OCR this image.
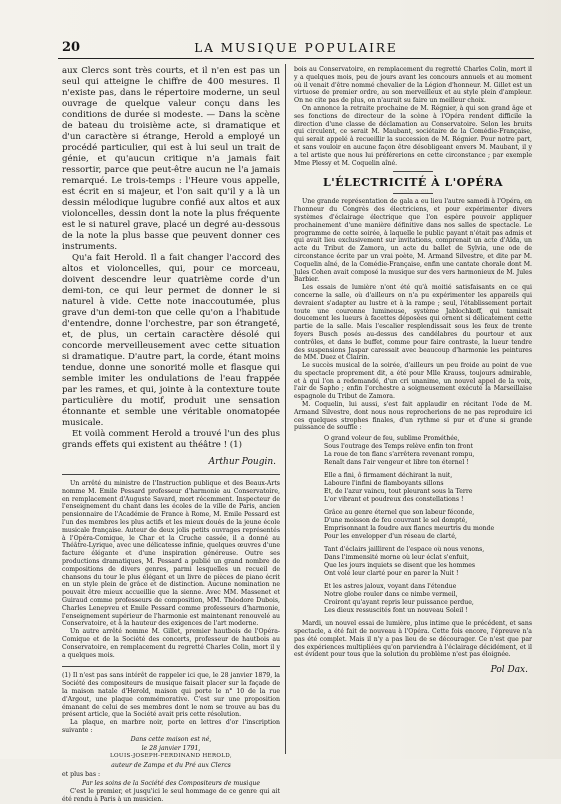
20	LA MUSIQUE POPULAIRE

aux Clercs sont très courts, et il n'en est pas un seul qui atteigne le chiffre de 400 mesures. Il n'existe pas, dans le répertoire moderne, un seul ouvrage de quelque valeur conçu dans les conditions de durée si modeste. — Dans la scène de bateau du troisième acte, si dramatique et d'un caractère si étrange, Herold a employé un procédé particulier, qui est à lui seul un trait de génie, et qu'aucun critique n'a jamais fait ressortir, parce que peut-être aucun ne l'a jamais remarqué. Le trois-temps : l'Heure vous appelle, est écrit en si majeur, et l'on sait qu'il y a là un dessin mélodique lugubre confié aux altos et aux violoncelles, dessin dont la note la plus fréquente est le si naturel grave, placé un degré au-dessous de la note la plus basse que peuvent donner ces instruments.

Qu'a fait Herold. Il a fait changer l'accord des altos et violoncelles, qui, pour ce morceau, doivent descendre leur quatrième corde d'un demi-ton, ce qui leur permet de donner le si naturel à vide. Cette note inaccoutumée, plus grave d'un demi-ton que celle qu'on a l'habitude d'entendre, donne l'orchestre, par son étrangeté, et, de plus, un certain caractère désolé qui concorde merveilleusement avec cette situation si dramatique. D'autre part, la corde, étant moins tendue, donne une sonorité molle et flasque qui semble imiter les ondulations de l'eau frappée par les rames, et qui, jointe à la contexture toute particulière du motif, produit une sensation étonnante et semble une véritable onomatopée musicale.

Et voilà comment Herold a trouvé l'un des plus grands effets qui existent au théâtre ! (1)

Arthur Pougin.

Un arrêté du ministre de l'Instruction publique et des Beaux-Arts nomme M. Emile Pessard professeur d'harmonie au Conservatoire, en remplacement d'Auguste Savard, mort récemment. Inspecteur de l'enseignement du chant dans les écoles de la ville de Paris, ancien pensionnaire de l'Académie de France à Rome, M. Emile Pessard est l'un des membres les plus actifs et les mieux doués de la jeune école musicale française. Auteur de deux jolis petits ouvrages représentés à l'Opéra-Comique, le Char et la Cruche cassée, il a donné au Théâtre-Lyrique, avec une délicatesse infinie, quelques œuvres d'une facture élégante et d'une inspiration généreuse. Outre ses productions dramatiques, M. Pessard a publié un grand nombre de compositions de divers genres, parmi lesquelles un recueil de chansons du tour le plus élégant et un livre de pièces de piano écrit en un style plein de grâce et de distinction. Aucune nomination ne pouvait être mieux accueillie que la sienne. Avec MM. Massenet et Guiraud comme professeurs de composition, MM. Théodore Dubois, Charles Lenepveu et Emile Pessard comme professeurs d'harmonie, l'enseignement supérieur de l'harmonie est maintenant renouvelé au Conservatoire, et à la hauteur des exigences de l'art moderne.

Un autre arrêté nomme M. Gillet, premier hautbois de l'Opéra-Comique et de la Société des concerts, professeur de hautbois au Conservatoire, en remplacement du regretté Charles Colin, mort il y a quelques mois.

(1) Il n'est pas sans intérêt de rappeler ici que, le 28 janvier 1879, la Société des compositeurs de musique faisait placer sur la façade de la maison natale d'Herold, maison qui porte le n° 10 de la rue d'Argout, une plaque commémorative. C'est sur une proposition émanant de celui de ses membres dont le nom se trouve au bas du présent article, que la Société avait pris cette résolution.

La plaque, en marbre noir, porte en lettres d'or l'inscription suivante :

Dans cette maison est né,
le 28 janvier 1791,
LOUIS-JOSEPH-FERDINAND HEROLD,
auteur de Zampa et du Pré aux Clercs
et plus bas :
Par les soins de la Société des Compositeurs de musique

C'est le premier, et jusqu'ici le seul hommage de ce genre qui ait été rendu à Paris à un musicien.

bois au Conservatoire, en remplacement du regretté Charles Colin, mort il y a quelques mois, peu de jours avant les concours annuels et au moment où il venait d'être nommé chevalier de la Légion d'honneur. M. Gillet est un virtuose de premier ordre, au son merveilleux et au style plein d'ampleur. On ne cite pas de plus, on n'aurait su faire un meilleur choix.

On annonce la retraite prochaine de M. Régnier, à qui son grand âge et ses fonctions de directeur de la scène à l'Opéra rendent difficile la direction d'une classe de déclamation au Conservatoire. Selon les bruits qui circulent, ce serait M. Maubant, sociétaire de la Comédie-Française, qui serait appelé à recueillir la succession de M. Régnier. Pour notre part, et sans vouloir en aucune façon être désobligeant envers M. Maubant, il y a tel artiste que nous lui préférerions en cette circonstance ; par exemple Mme Plessy et M. Coquelin aîné.

L'ÉLECTRICITÉ À L'OPÉRA

Une grande représentation de gala a eu lieu l'autre samedi à l'Opéra, en l'honneur du Congrès des électriciens, et pour expérimenter divers systèmes d'éclairage électrique que l'on espère pouvoir appliquer prochainement d'une manière définitive dans nos salles de spectacle. Le programme de cette soirée, à laquelle le public payant n'était pas admis et qui avait lieu exclusivement sur invitations, comprenait un acte d'Aïda, un acte du Tribut de Zamora, un acte du ballet de Sylvia, une ode de circonstance écrite par un vrai poète, M. Armand Silvestre, et dite par M. Coquelin aîné, de la Comédie-Française, enfin une cantate chorale dont M. Jules Cohen avait composé la musique sur des vers harmonieux de M. Jules Barbier.

Les essais de lumière n'ont été qu'à moitié satisfaisants en ce qui concerne la salle, où d'ailleurs on n'a pu expérimenter les appareils qui devraient s'adapter au lustre et à la rampe ; seul, l'établissement portait toute une couronne lumineuse, système Jablochkoff, qui tamisait doucement les lueurs à facettes déposées qui ornent si délicatement cette partie de la salle. Mais l'escalier resplendissait sous les feux de trente foyers Busch posés au-dessus des candélabres du pourtour et aux contrôles, et dans le buffet, comme pour faire contraste, la lueur tendre des suspensions Jaspar caressait avec beaucoup d'harmonie les peintures de MM. Duez et Clairin.

Le succès musical de la soirée, d'ailleurs un peu froide au point de vue du spectacle proprement dit, a été pour Mlle Krauss, toujours admirable, et à qui l'on a redemandé, d'un cri unanime, un nouvel appel de la voix, l'air de Sapho ; enfin l'orchestre a soigneusement exécuté la Marseillaise espagnole du Tribut de Zamora.

M. Coquelin, lui aussi, s'est fait applaudir en récitant l'ode de M. Armand Silvestre, dont nous nous reprocherions de ne pas reproduire ici ces quelques strophes finales, d'un rythme si pur et d'une si grande puissance de souffle :

O grand voleur de feu, sublime Prométhée,
Sous l'outrage des Temps relève enfin ton front
La roue de ton flanc s'arrêtera revenant rompu,
Renaît dans l'air vengeur et libre ton éternel !
Elle a fini, ô firmament déchirant la nuit,
Laboure l'infini de flamboyants sillons
Et, de l'azur vaincu, tout pleurant sous la Terre
L'or vibrant et poudreux des constellations !
Grâce au genre éternel que son labeur féconde,
D'une moisson de feu couvrant le sol dompté,
Emprisonnant la foudre aux flancs meurtris du monde
Pour les envelopper d'un réseau de clarté,
Tant d'éclairs jaillirent de l'espace où nous venons,
Dans l'immensité morne où leur éclat s'enfuit,
Que les jours inquiets se disent que les hommes
Ont volé leur clarté pour en parer la Nuit !
Et les astres jaloux, voyant dans l'étendue
Notre globe rouler dans ce nimbe vermeil,
Croiront qu'ayant repris leur puissance perdue,
Les dieux ressuscités font un nouveau Soleil !

Mardi, un nouvel essai de lumière, plus intime que le précédent, et sans spectacle, a été fait de nouveau à l'Opéra. Cette fois encore, l'épreuve n'a pas été complet. Mais il n'y a pas lieu de se décourager. Ce n'est que par des expériences multipliées qu'on parviendra à l'éclairage décidément, et il est évident pour tous que la solution du problème n'est pas éloignée.

Pol Dax.
